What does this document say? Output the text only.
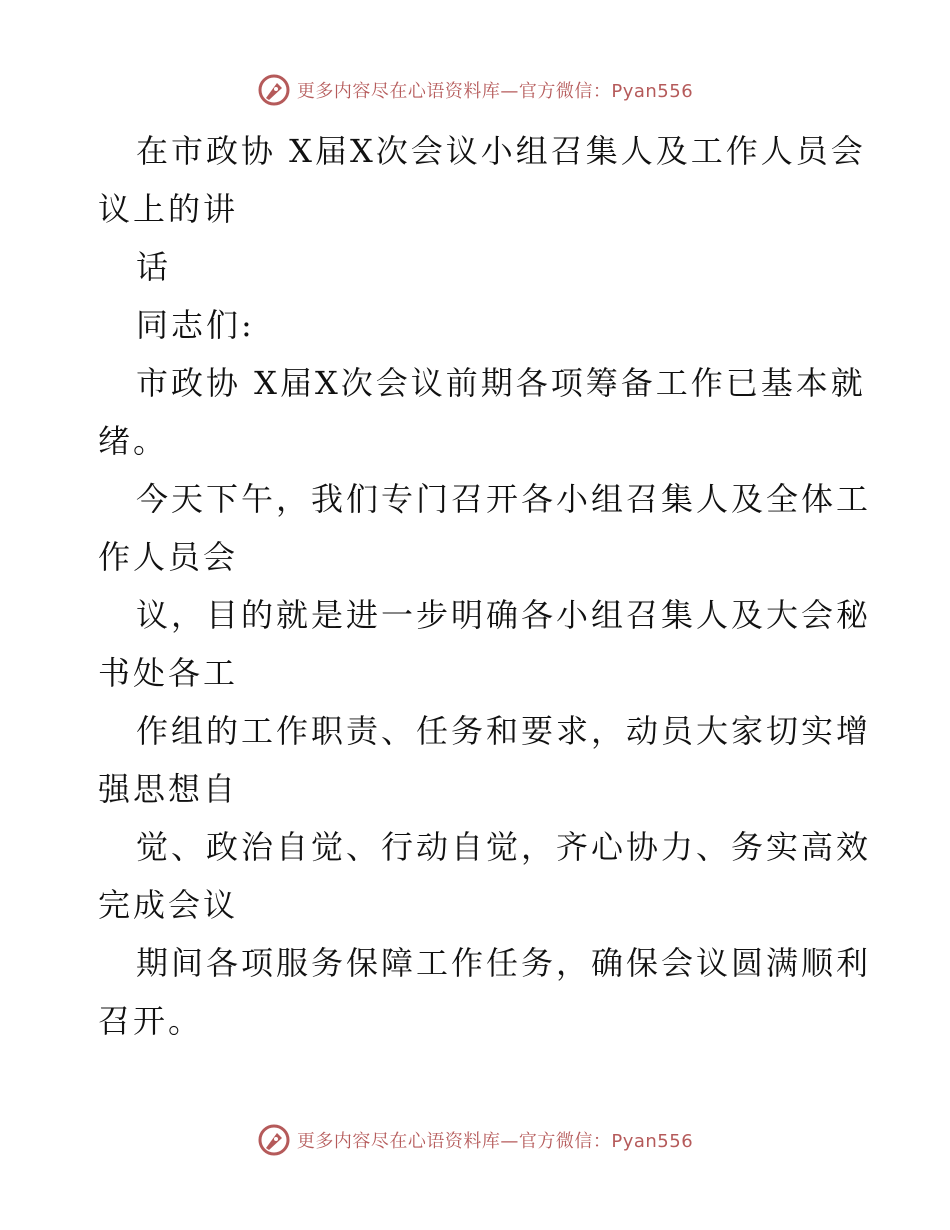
更多内容尽在心语资料库—官方微信：Pyan556
在市政协 X届X次会议小组召集人及工作人员会
议上的讲
话
同志们:
市政协 X届X次会议前期各项筹备工作已基本就
绪。
今天下午，我们专门召开各小组召集人及全体工
作人员会
议，目的就是进一步明确各小组召集人及大会秘
书处各工
作组的工作职责、任务和要求，动员大家切实增
强思想自
觉、政治自觉、行动自觉，齐心协力、务实高效
完成会议
期间各项服务保障工作任务，确保会议圆满顺利
召开。
更多内容尽在心语资料库—官方微信：Pyan556
